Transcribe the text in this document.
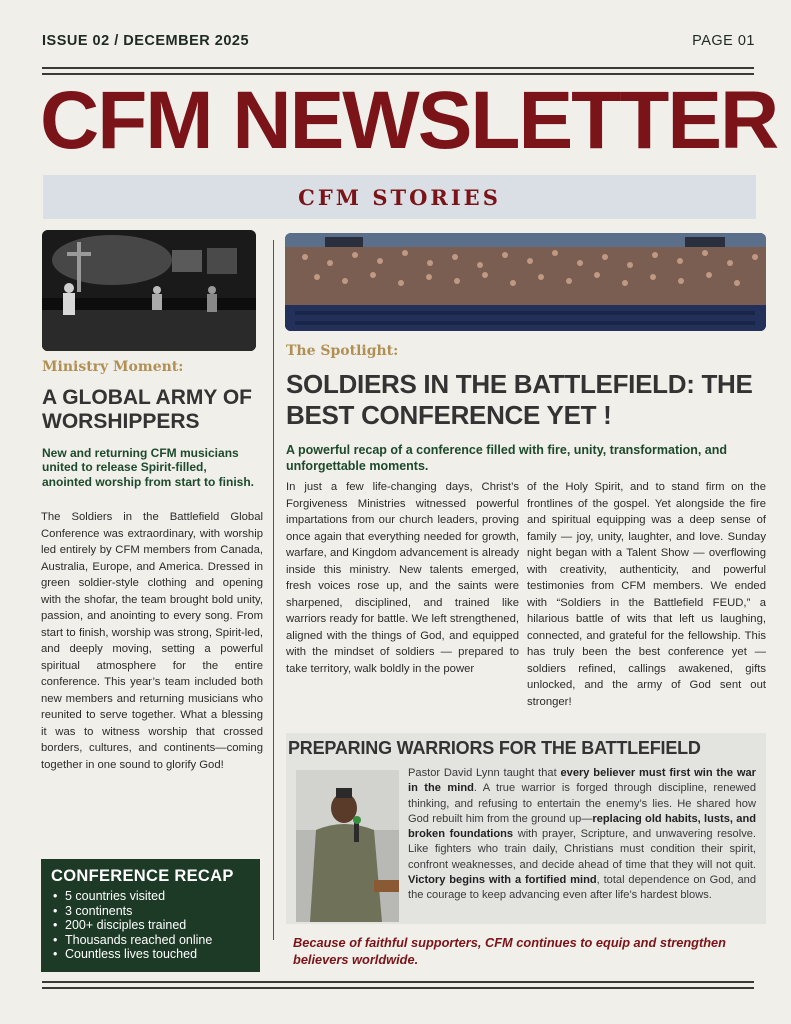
ISSUE 02 / DECEMBER 2025	PAGE 01
CFM NEWSLETTER
CFM STORIES
Ministry Moment:
A GLOBAL ARMY OF WORSHIPPERS
New and returning CFM musicians united to release Spirit-filled, anointed worship from start to finish.
The Soldiers in the Battlefield Global Conference was extraordinary, with worship led entirely by CFM members from Canada, Australia, Europe, and America. Dressed in green soldier-style clothing and opening with the shofar, the team brought bold unity, passion, and anointing to every song. From start to finish, worship was strong, Spirit-led, and deeply moving, setting a powerful spiritual atmosphere for the entire conference. This year’s team included both new members and returning musicians who reunited to serve together. What a blessing it was to witness worship that crossed borders, cultures, and continents—coming together in one sound to glorify God!
CONFERENCE RECAP
• 5 countries visited
• 3 continents
• 200+ disciples trained
• Thousands reached online
• Countless lives touched
The Spotlight:
SOLDIERS IN THE BATTLEFIELD: THE BEST CONFERENCE YET !
A powerful recap of a conference filled with fire, unity, transformation, and unforgettable moments.
In just a few life-changing days, Christ’s Forgiveness Ministries witnessed powerful impartations from our church leaders, proving once again that everything needed for growth, warfare, and Kingdom advancement is already inside this ministry. New talents emerged, fresh voices rose up, and the saints were sharpened, disciplined, and trained like warriors ready for battle. We left strengthened, aligned with the things of God, and equipped with the mindset of soldiers — prepared to take territory, walk boldly in the power
of the Holy Spirit, and to stand firm on the frontlines of the gospel. Yet alongside the fire and spiritual equipping was a deep sense of family — joy, unity, laughter, and love. Sunday night began with a Talent Show — overflowing with creativity, authenticity, and powerful testimonies from CFM members. We ended with “Soldiers in the Battlefield FEUD,” a hilarious battle of wits that left us laughing, connected, and grateful for the fellowship. This has truly been the best conference yet — soldiers refined, callings awakened, gifts unlocked, and the army of God sent out stronger!
PREPARING WARRIORS FOR THE BATTLEFIELD
Pastor David Lynn taught that every believer must first win the war in the mind. A true warrior is forged through discipline, renewed thinking, and refusing to entertain the enemy’s lies. He shared how God rebuilt him from the ground up—replacing old habits, lusts, and broken foundations with prayer, Scripture, and unwavering resolve. Like fighters who train daily, Christians must condition their spirit, confront weaknesses, and decide ahead of time that they will not quit. Victory begins with a fortified mind, total dependence on God, and the courage to keep advancing even after life’s hardest blows.
Because of faithful supporters, CFM continues to equip and strengthen believers worldwide.
